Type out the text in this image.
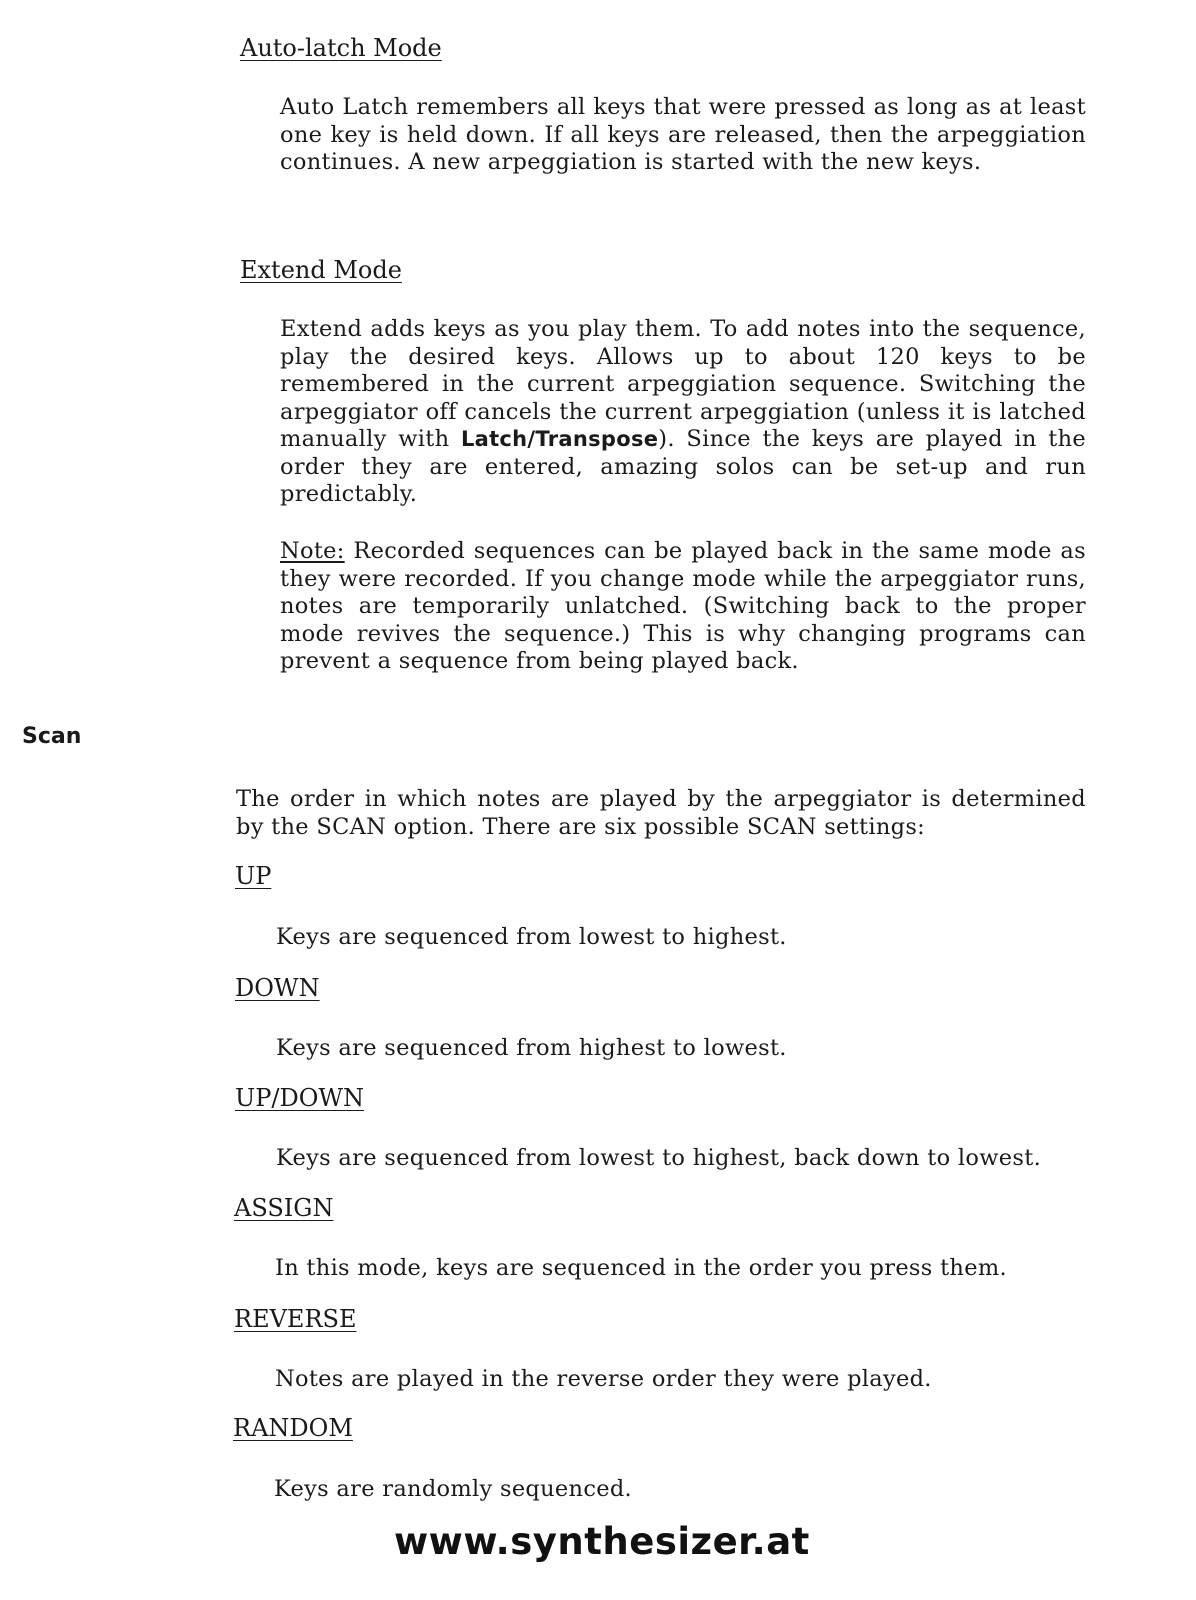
Auto-latch Mode
Auto Latch remembers all keys that were pressed as long as at least one key is held down. If all keys are released, then the arpeggiation continues. A new arpeggiation is started with the new keys.
Extend Mode
Extend adds keys as you play them. To add notes into the sequence, play the desired keys. Allows up to about 120 keys to be remembered in the current arpeggiation sequence. Switching the arpeggiator off cancels the current arpeggiation (unless it is latched manually with Latch/Transpose). Since the keys are played in the order they are entered, amazing solos can be set-up and run predictably.
Note: Recorded sequences can be played back in the same mode as they were recorded. If you change mode while the arpeggiator runs, notes are temporarily unlatched. (Switching back to the proper mode revives the sequence.) This is why changing programs can prevent a sequence from being played back.
Scan
The order in which notes are played by the arpeggiator is determined by the SCAN option. There are six possible SCAN settings:
UP
Keys are sequenced from lowest to highest.
DOWN
Keys are sequenced from highest to lowest.
UP/DOWN
Keys are sequenced from lowest to highest, back down to lowest.
ASSIGN
In this mode, keys are sequenced in the order you press them.
REVERSE
Notes are played in the reverse order they were played.
RANDOM
Keys are randomly sequenced.
www.synthesizer.at
